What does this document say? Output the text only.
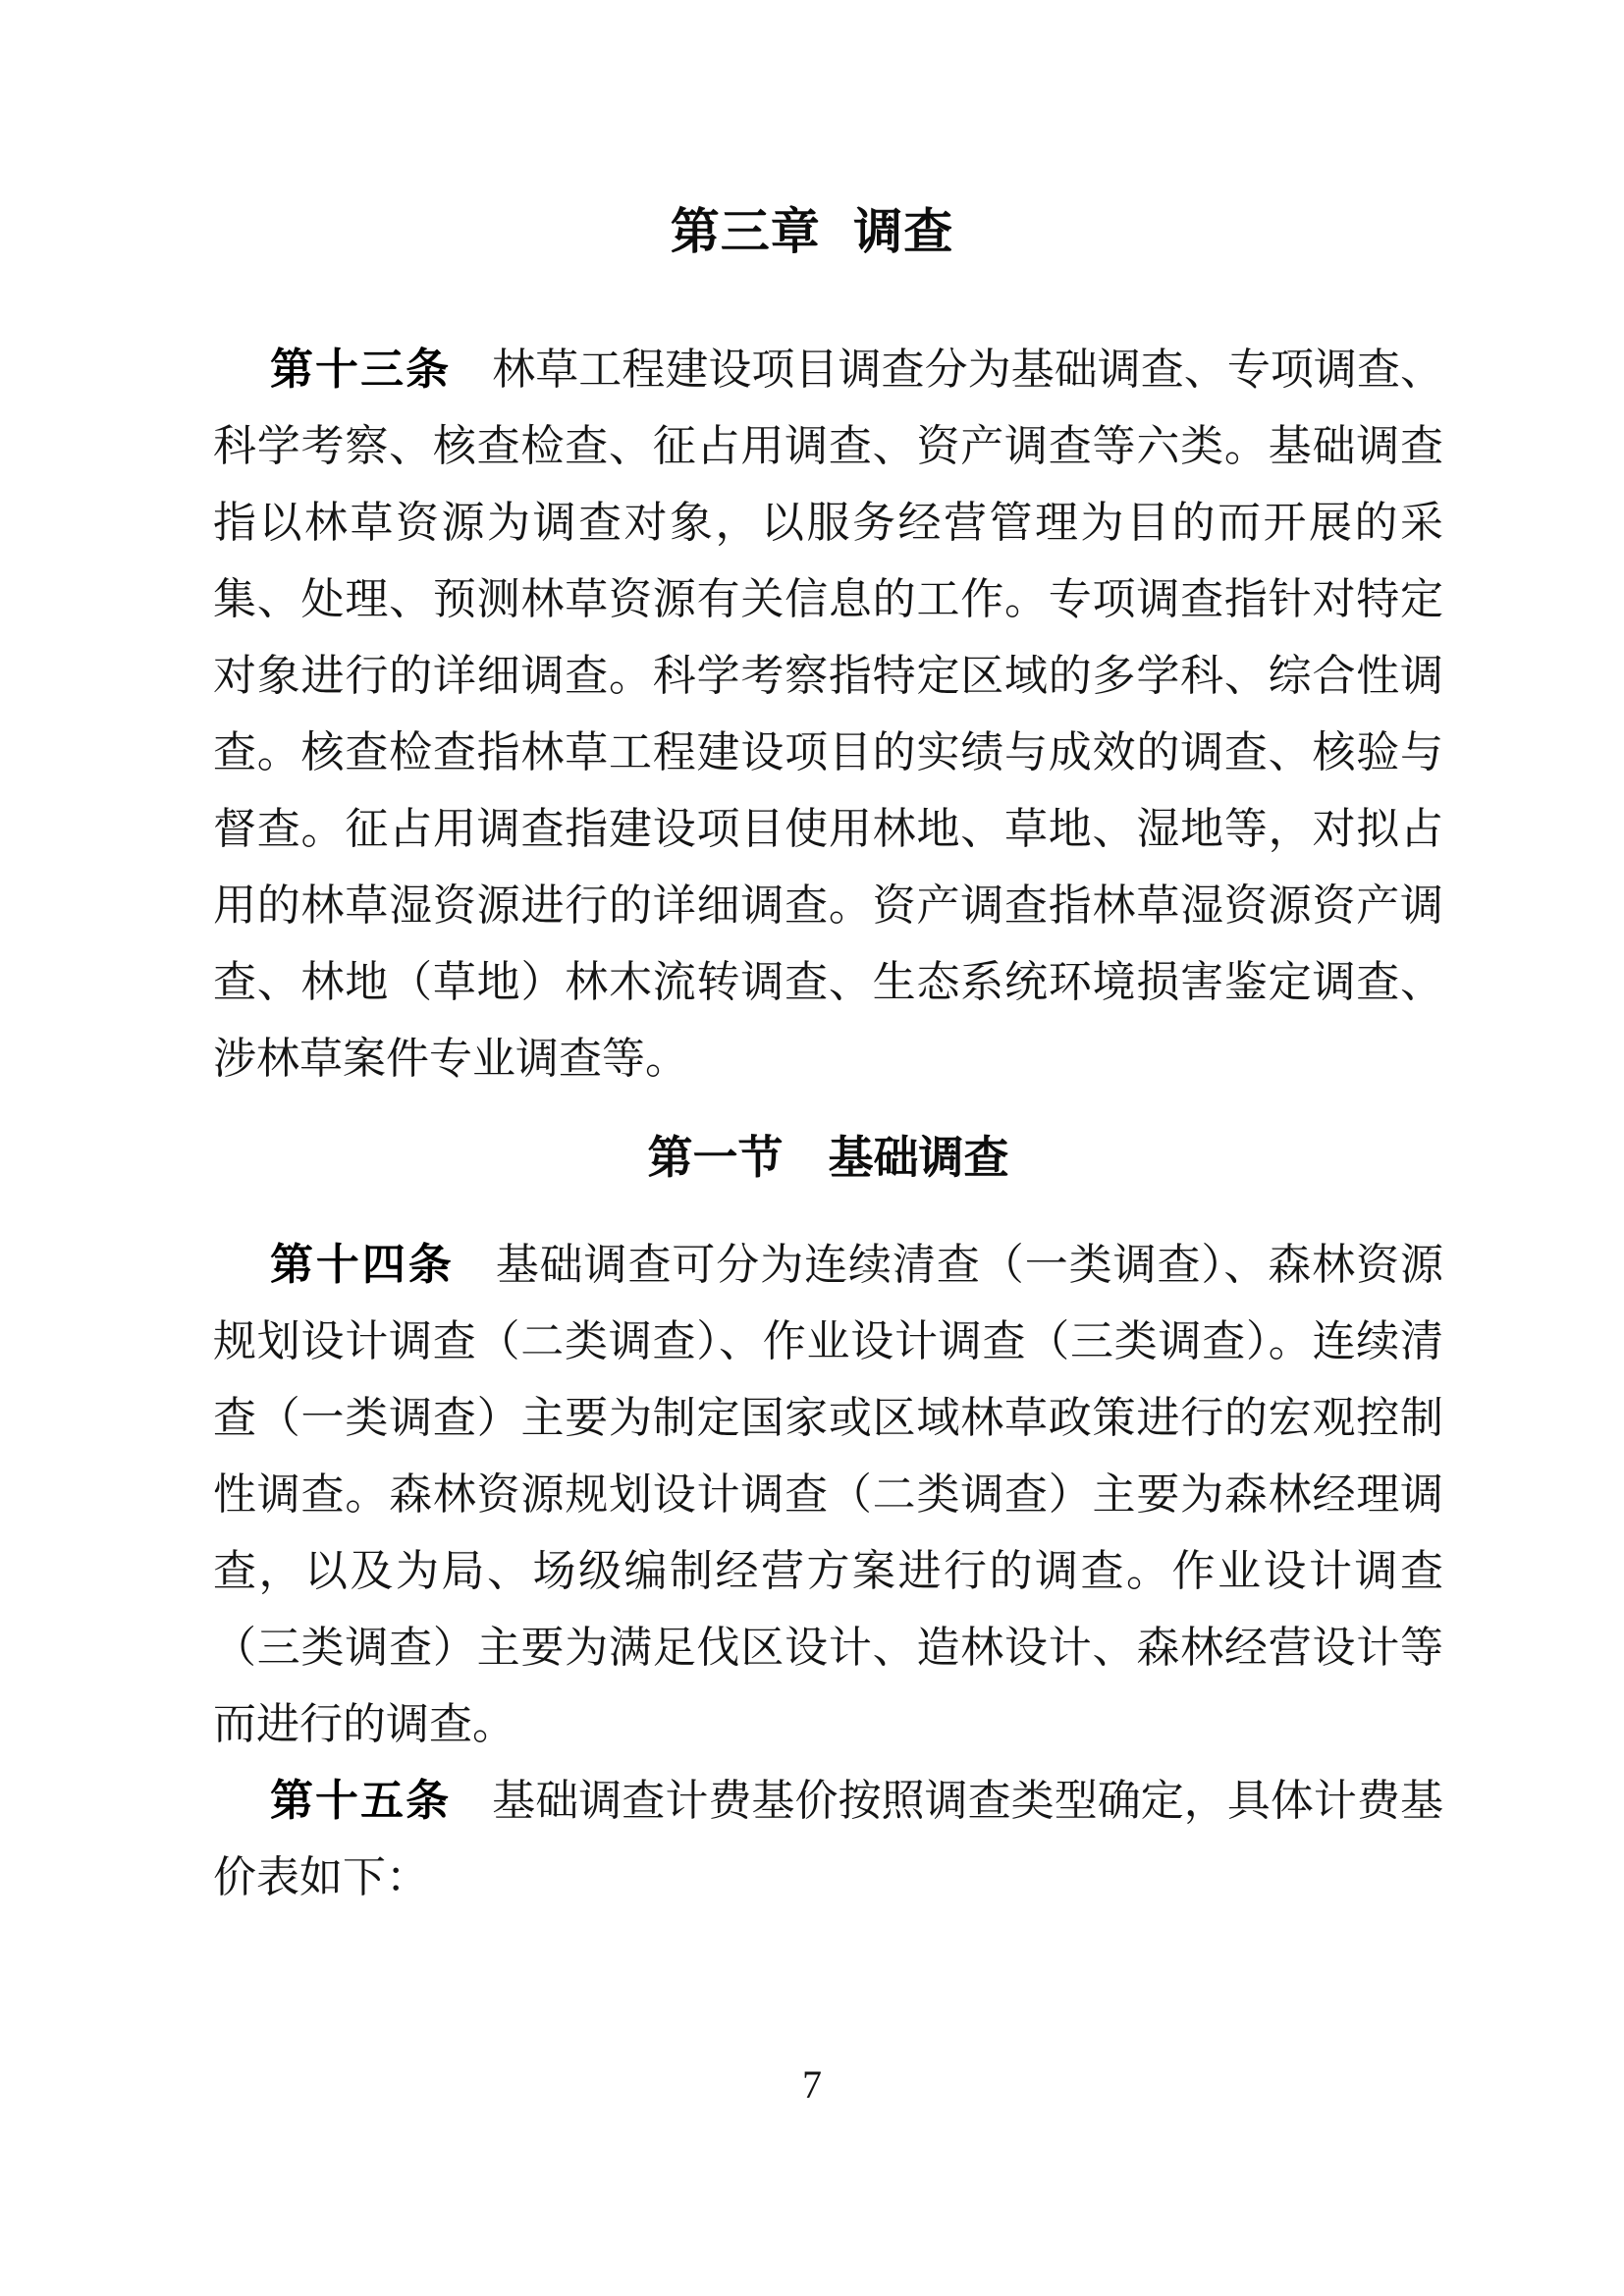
第三章 调查

第十三条 林草工程建设项目调查分为基础调查、专项调查、科学考察、核查检查、征占用调查、资产调查等六类。基础调查指以林草资源为调查对象，以服务经营管理为目的而开展的采集、处理、预测林草资源有关信息的工作。专项调查指针对特定对象进行的详细调查。科学考察指特定区域的多学科、综合性调查。核查检查指林草工程建设项目的实绩与成效的调查、核验与督查。征占用调查指建设项目使用林地、草地、湿地等，对拟占用的林草湿资源进行的详细调查。资产调查指林草湿资源资产调查、林地（草地）林木流转调查、生态系统环境损害鉴定调查、涉林草案件专业调查等。

第一节　基础调查

第十四条 基础调查可分为连续清查（一类调查）、森林资源规划设计调查（二类调查）、作业设计调查（三类调查）。连续清查（一类调查）主要为制定国家或区域林草政策进行的宏观控制性调查。森林资源规划设计调查（二类调查）主要为森林经理调查，以及为局、场级编制经营方案进行的调查。作业设计调查（三类调查）主要为满足伐区设计、造林设计、森林经营设计等而进行的调查。

第十五条 基础调查计费基价按照调查类型确定，具体计费基价表如下：

7
